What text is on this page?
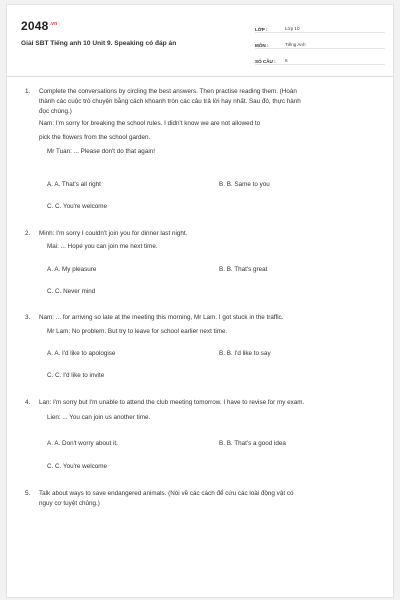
$2048^{.vn}$
Giải SBT Tiếng anh 10 Unit 9. Speaking có đáp án
LỚP :	Lớp 10
MÔN :	Tiếng Anh
SỐ CÂU :	5
1. Complete the conversations by circling the best answers. Then practise reading them. (Hoàn
thành các cuộc trò chuyện bằng cách khoanh tròn các câu trả lời hay nhất. Sau đó, thực hành
đọc chúng.)
Nam: I'm sorry for breaking the school rules. I didn't know we are not allowed to
pick the flowers from the school garden.
Mr Tuan: ... Please don't do that again!
A. A. That's all right	B. B. Same to you
C. C. You're welcome
2. Minh: I'm sorry I couldn't join you for dinner last night.
Mai: ... Hope you can join me next time.
A. A. My pleasure	B. B. That's great
C. C. Never mind
3. Nam: ... for arriving so late at the meeting this morning, Mr Lam. I got stuck in the traffic.
Mr Lam: No problem. But try to leave for school earlier next time.
A. A. I'd like to apologise	B. B. I'd like to say
C. C. I'd like to invite
4. Lan: I'm sorry but I'm unable to attend the club meeting tomorrow. I have to revise for my exam.
Lien: ... You can join us another time.
A. A. Don't worry about it.	B. B. That's a good idea
C. C. You're welcome
5. Talk about ways to save endangered animals. (Nói về các cách để cứu các loài động vật có
nguy cơ tuyệt chủng.)
